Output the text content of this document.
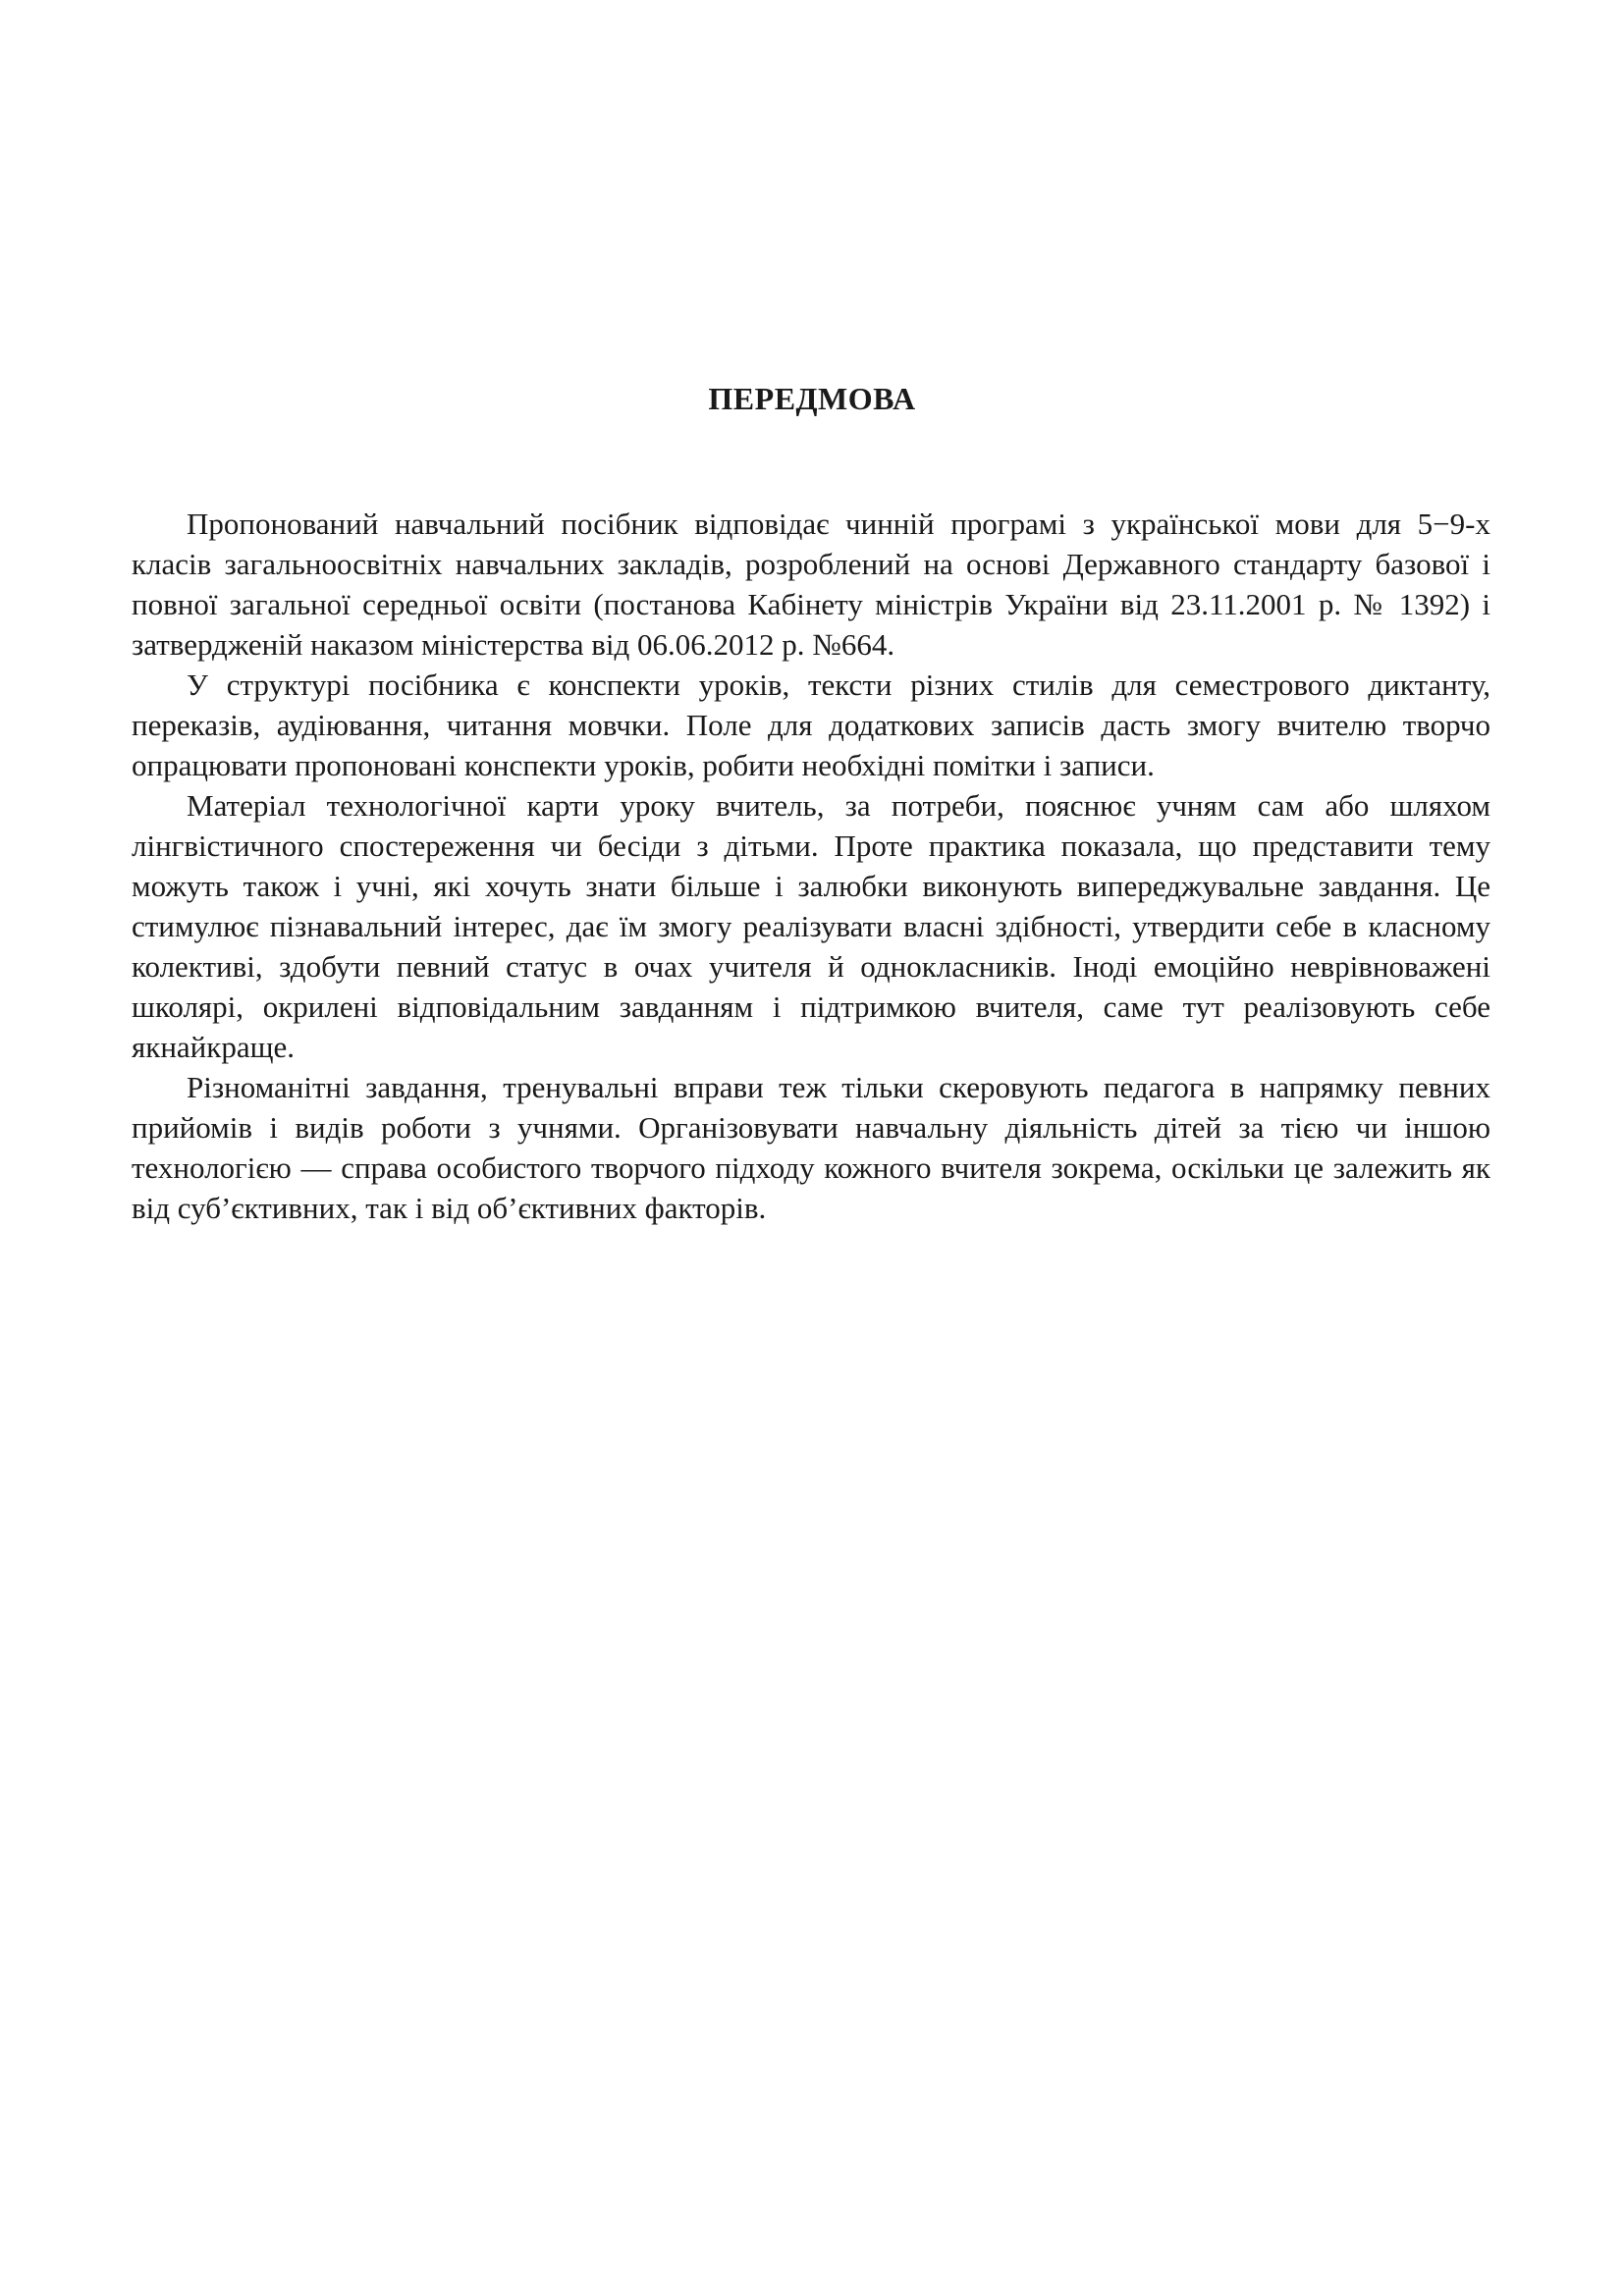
ПЕРЕДМОВА

Пропонований навчальний посібник відповідає чинній програмі з української мови для 5−9-х класів загальноосвітніх навчальних закладів, розроблений на основі Державного стандарту базової і повної загальної середньої освіти (постанова Кабінету міністрів України від 23.11.2001 р. № 1392) і затвердженій наказом міністерства від 06.06.2012 р. №664.

У структурі посібника є конспекти уроків, тексти різних стилів для семестрового диктанту, переказів, аудіювання, читання мовчки. Поле для додаткових записів дасть змогу вчителю творчо опрацювати пропоновані конспекти уроків, робити необхідні помітки і записи.

Матеріал технологічної карти уроку вчитель, за потреби, пояснює учням сам або шляхом лінгвістичного спостереження чи бесіди з дітьми. Проте практика показала, що представити тему можуть також і учні, які хочуть знати більше і залюбки виконують випереджувальне завдання. Це стимулює пізнавальний інтерес, дає їм змогу реалізувати власні здібності, утвердити себе в класному колективі, здобути певний статус в очах учителя й однокласників. Іноді емоційно неврівноважені школярі, окрилені відповідальним завданням і підтримкою вчителя, саме тут реалізовують себе якнайкраще.

Різноманітні завдання, тренувальні вправи теж тільки скеровують педагога в напрямку певних прийомів і видів роботи з учнями. Організовувати навчальну діяльність дітей за тією чи іншою технологією — справа особистого творчого підходу кожного вчителя зокрема, оскільки це залежить як від суб’єктивних, так і від об’єктивних факторів.
